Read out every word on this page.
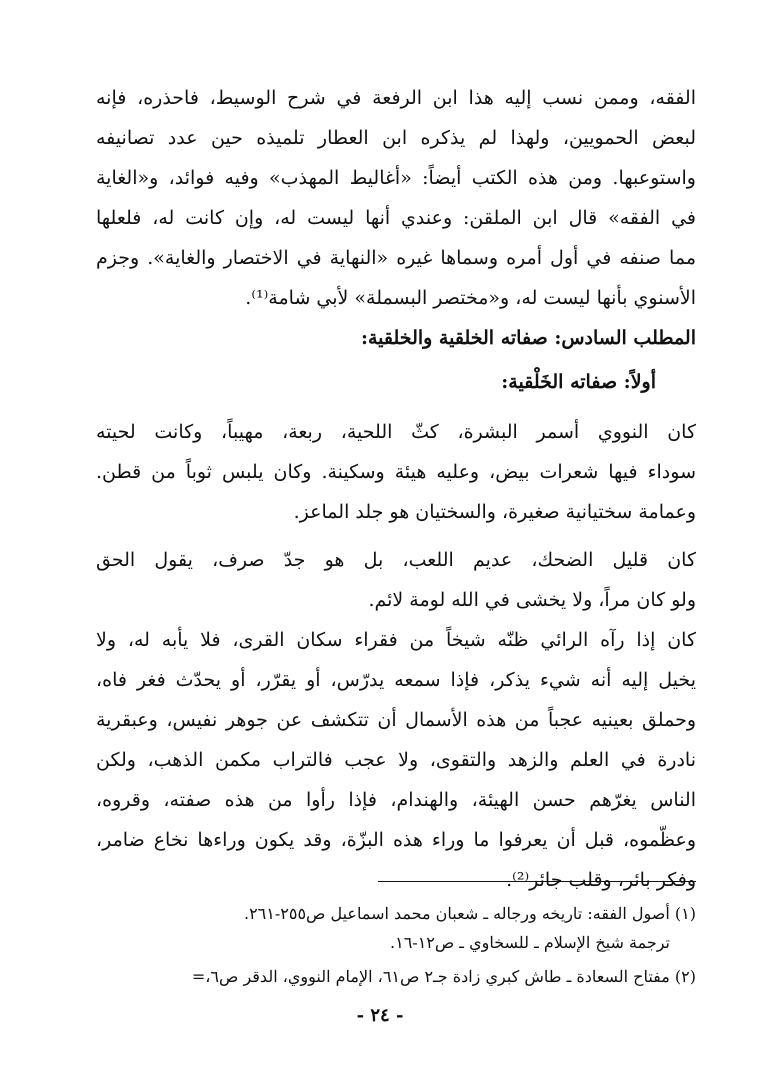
الفقه، وممن نسب إليه هذا ابن الرفعة في شرح الوسيط، فاحذره، فإنه
لبعض الحمويين، ولهذا لم يذكره ابن العطار تلميذه حين عدد تصانيفه
واستوعبها. ومن هذه الكتب أيضاً: «أغاليط المهذب» وفيه فوائد، و«الغاية
في الفقه» قال ابن الملقن: وعندي أنها ليست له، وإن كانت له، فلعلها
مما صنفه في أول أمره وسماها غيره «النهاية في الاختصار والغاية». وجزم
الأسنوي بأنها ليست له، و«مختصر البسملة» لأبي شامة⁽¹⁾.
المطلب السادس: صفاته الخلقية والخلقية:
أولاً: صفاته الخَلْقية:
كان النووي أسمر البشرة، كثّ اللحية، ربعة، مهيباً، وكانت لحيته
سوداء فيها شعرات بيض، وعليه هيئة وسكينة. وكان يلبس ثوباً من قطن.
وعمامة سختيانية صغيرة، والسختيان هو جلد الماعز.
كان قليل الضحك، عديم اللعب، بل هو جدّ صرف، يقول الحق
ولو كان مراً، ولا يخشى في الله لومة لائم.
كان إذا رآه الرائي ظنّه شيخاً من فقراء سكان القرى، فلا يأبه له، ولا
يخيل إليه أنه شيء يذكر، فإذا سمعه يدرّس، أو يقرّر، أو يحدّث فغر فاه،
وحملق بعينيه عجباً من هذه الأسمال أن تتكشف عن جوهر نفيس، وعبقرية
نادرة في العلم والزهد والتقوى، ولا عجب فالتراب مكمن الذهب، ولكن
الناس يغرّهم حسن الهيئة، والهندام، فإذا رأوا من هذه صفته، وقروه،
وعظّموه، قبل أن يعرفوا ما وراء هذه البزّة، وقد يكون وراءها نخاع ضامر،
وفكر بائر، وقلب جائر⁽²⁾.
(١) أصول الفقه: تاريخه ورجاله ـ شعبان محمد اسماعيل ص٢٥٥-٢٦١.
ترجمة شيخ الإسلام ـ للسخاوي ـ ص١٢-١٦.
(٢) مفتاح السعادة ـ طاش كبري زادة جـ٢ ص٦١، الإمام النووي، الدقر ص٦،=
- ٢٤ -
